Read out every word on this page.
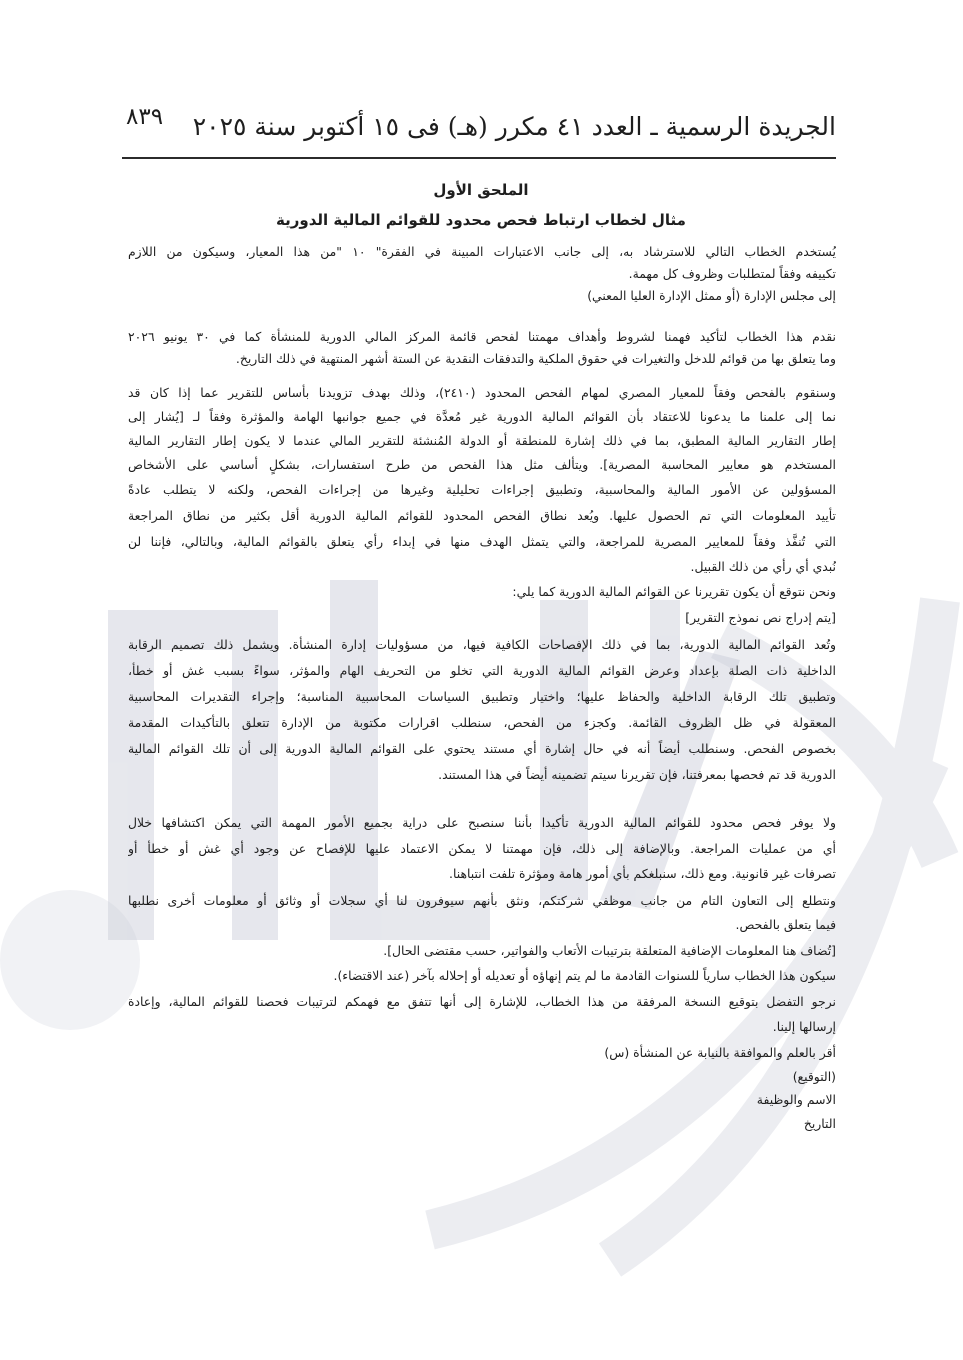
الجريدة الرسمية ـ العدد ٤١ مكرر (هـ) فى ١٥ أكتوبر سنة ٢٠٢٥
٨٣٩
الملحق الأول
مثال لخطاب ارتباط فحص محدود للقوائم المالية الدورية
يُستخدم الخطاب التالي للاسترشاد به، إلى جانب الاعتبارات المبينة في الفقرة" ١٠ "من هذا المعيار، وسيكون من اللازم
تكييفه وفقاً لمتطلبات وظروف كل مهمة.
إلى مجلس الإدارة (أو ممثل الإدارة العليا المعني)
نقدم هذا الخطاب لتأكيد فهمنا لشروط وأهداف مهمتنا لفحص قائمة المركز المالي الدورية للمنشأة كما في ٣٠ يونيو ٢٠٢٦
وما يتعلق بها من قوائم للدخل والتغيرات في حقوق الملكية والتدفقات النقدية عن الستة أشهر المنتهية في ذلك التاريخ.
وسنقوم بالفحص وفقاً للمعيار المصري لمهام الفحص المحدود (٢٤١٠)، وذلك بهدف تزويدنا بأساس للتقرير عما إذا كان قد
نما إلى علمنا ما يدعونا للاعتقاد بأن القوائم المالية الدورية غير مُعدَّة في جميع جوانبها الهامة والمؤثرة وفقاً لـ [يُشار إلى
إطار التقارير المالية المطبق، بما في ذلك إشارة للمنطقة أو الدولة المُنشئة للتقرير المالي عندما لا يكون إطار التقارير المالية
المستخدم هو معايير المحاسبة المصرية]. ويتألف مثل هذا الفحص من طرح استفسارات، بشكلٍ أساسي على الأشخاص
المسؤولين عن الأمور المالية والمحاسبية، وتطبيق إجراءات تحليلية وغيرها من إجراءات الفحص، ولكنه لا يتطلب عادةً
تأييد المعلومات التي تم الحصول عليها. ويُعد نطاق الفحص المحدود للقوائم المالية الدورية أقل بكثير من نطاق المراجعة
التي تُنفَّذ وفقاً للمعايير المصرية للمراجعة، والتي يتمثل الهدف منها في إبداء رأي يتعلق بالقوائم المالية، وبالتالي، فإننا لن
نُبدي أي رأي من ذلك القبيل.
ونحن نتوقع أن يكون تقريرنا عن القوائم المالية الدورية كما يلي:
[يتم إدراج نص نموذج التقرير]
وتُعد القوائم المالية الدورية، بما في ذلك الإفصاحات الكافية فيها، من مسؤوليات إدارة المنشأة. ويشمل ذلك تصميم الرقابة
الداخلية ذات الصلة بإعداد وعرض القوائم المالية الدورية التي تخلو من التحريف الهام والمؤثر، سواءً بسبب غش أو خطأ،
وتطبيق تلك الرقابة الداخلية والحفاظ عليها؛ واختيار وتطبيق السياسات المحاسبية المناسبة؛ وإجراء التقديرات المحاسبية
المعقولة في ظل الظروف القائمة. وكجزء من الفحص، سنطلب اقرارات مكتوبة من الإدارة تتعلق بالتأكيدات المقدمة
بخصوص الفحص. وسنطلب أيضاً أنه في حال إشارة أي مستند يحتوي على القوائم المالية الدورية إلى أن تلك القوائم المالية
الدورية قد تم فحصها بمعرفتنا، فإن تقريرنا سيتم تضمينه أيضاً في هذا المستند.
ولا يوفر فحص محدود للقوائم المالية الدورية تأكيدا بأننا سنصبح على دراية بجميع الأمور المهمة التي يمكن اكتشافها خلال
أي من عمليات المراجعة. وبالإضافة إلى ذلك، فإن مهمتنا لا يمكن الاعتماد عليها للإفصاح عن وجود أي غش أو خطأ أو
تصرفات غير قانونية. ومع ذلك، سنبلغكم بأي أمور هامة ومؤثرة تلفت انتباهنا.
ونتطلع إلى التعاون التام من جانب موظفي شركتكم، ونثق بأنهم سيوفرون لنا أي سجلات أو وثائق أو معلومات أخرى نطلبها
فيما يتعلق بالفحص.
[تُضاف هنا المعلومات الإضافية المتعلقة بترتيبات الأتعاب والفواتير، حسب مقتضى الحال].
سيكون هذا الخطاب سارياً للسنوات القادمة ما لم يتم إنهاؤه أو تعديله أو إحلاله بآخر (عند الاقتضاء).
نرجو التفضل بتوقيع النسخة المرفقة من هذا الخطاب، للإشارة إلى أنها تتفق مع فهمكم لترتيبات فحصنا للقوائم المالية، وإعادة
إرسالها إلينا.
أقر بالعلم والموافقة بالنيابة عن المنشأة (س)
(التوقيع)
الاسم والوظيفة
التاريخ
